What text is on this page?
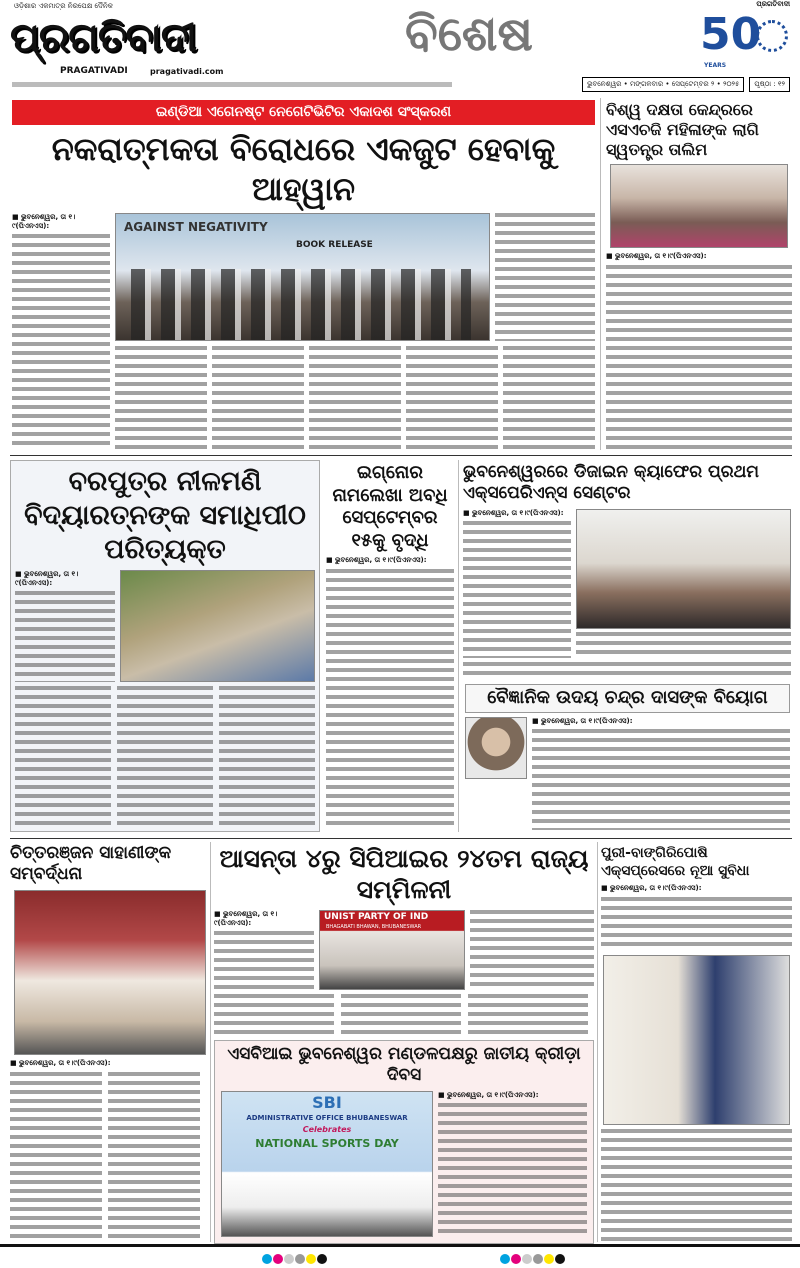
ଓଡ଼ିଶାର ଏକମାତ୍ର ନିରପେକ୍ଷ ଦୈନିକ
ପ୍ରଗତିବାଦୀ
PRAGATIVADI	pragativadi.com
ବିଶେଷ
ପ୍ରଗତିବାଦୀ
50
YEARS
ଭୁବନେଶ୍ୱର • ମଙ୍ଗଳବାର • ସେପ୍ଟେମ୍ବର ୨ • ୨୦୨୫	ପୃଷ୍ଠା : ୧୨
ଇଣ୍ଡିଆ ଏଗେନଷ୍ଟ ନେଗେଟିଭିଟିର ଏକାଦଶ ସଂସ୍କରଣ
ନକରାତ୍ମକତା ବିରୋଧରେ ଏକଜୁଟ ହେବାକୁ ଆହ୍ୱାନ
■ ଭୁବନେଶ୍ୱର, ତା ୧।୯(ପିଏନଏସ):	AGAINST NEGATIVITY
BOOK RELEASE
ବିଶ୍ୱ ଦକ୍ଷତା କେନ୍ଦ୍ରରେ ଏସଏଚଜି ମହିଳାଙ୍କ ଲାଗି ସ୍ୱତନ୍ତ୍ର ତାଲିମ
■ ଭୁବନେଶ୍ୱର, ତା ୧।୯(ପିଏନଏସ):
ବରପୁତ୍ର ନୀଳମଣି ବିଦ୍ୟାରତ୍ନଙ୍କ ସମାଧିପୀଠ ପରିତ୍ୟକ୍ତ
■ ଭୁବନେଶ୍ୱର, ତା ୧।୯(ପିଏନଏସ):
ଇଗ୍ନୋର ନାମଲେଖା ଅବଧି ସେପ୍ଟେମ୍ବର ୧୫କୁ ବୃଦ୍ଧି
■ ଭୁବନେଶ୍ୱର, ତା ୧।୯(ପିଏନଏସ):
ଭୁବନେଶ୍ୱରରେ ଡିଜାଇନ କ୍ୟାଫେର ପ୍ରଥମ ଏକ୍ସପେରିଏନ୍ସ ସେଣ୍ଟର
■ ଭୁବନେଶ୍ୱର, ତା ୧।୯(ପିଏନଏସ):
ବୈଜ୍ଞାନିକ ଉଦୟ ଚନ୍ଦ୍ର ଦାସଙ୍କ ବିୟୋଗ
■ ଭୁବନେଶ୍ୱର, ତା ୧।୯(ପିଏନଏସ):
ଚିତ୍ତରଞ୍ଜନ ସାହାଣୀଙ୍କ ସମ୍ବର୍ଦ୍ଧନା
■ ଭୁବନେଶ୍ୱର, ତା ୧।୯(ପିଏନଏସ):
ଆସନ୍ତା ୪ରୁ ସିପିଆଇର ୨୪ତମ ରାଜ୍ୟ ସମ୍ମିଳନୀ
■ ଭୁବନେଶ୍ୱର, ତା ୧।୯(ପିଏନଏସ):
UNIST PARTY OF IND
BHAGABATI BHAWAN, BHUBANESWAR
ଏସବିଆଇ ଭୁବନେଶ୍ୱର ମଣ୍ଡଳପକ୍ଷରୁ ଜାତୀୟ କ୍ରୀଡ଼ା ଦିବସ
SBI
ADMINISTRATIVE OFFICE BHUBANESWAR
Celebrates
NATIONAL SPORTS DAY
■ ଭୁବନେଶ୍ୱର, ତା ୧।୯(ପିଏନଏସ):
ପୁରୀ-ବାଙ୍ଗିରିପୋଷି ଏକ୍ସପ୍ରେସରେ ନୂଆ ସୁବିଧା
■ ଭୁବନେଶ୍ୱର, ତା ୧।୯(ପିଏନଏସ):
